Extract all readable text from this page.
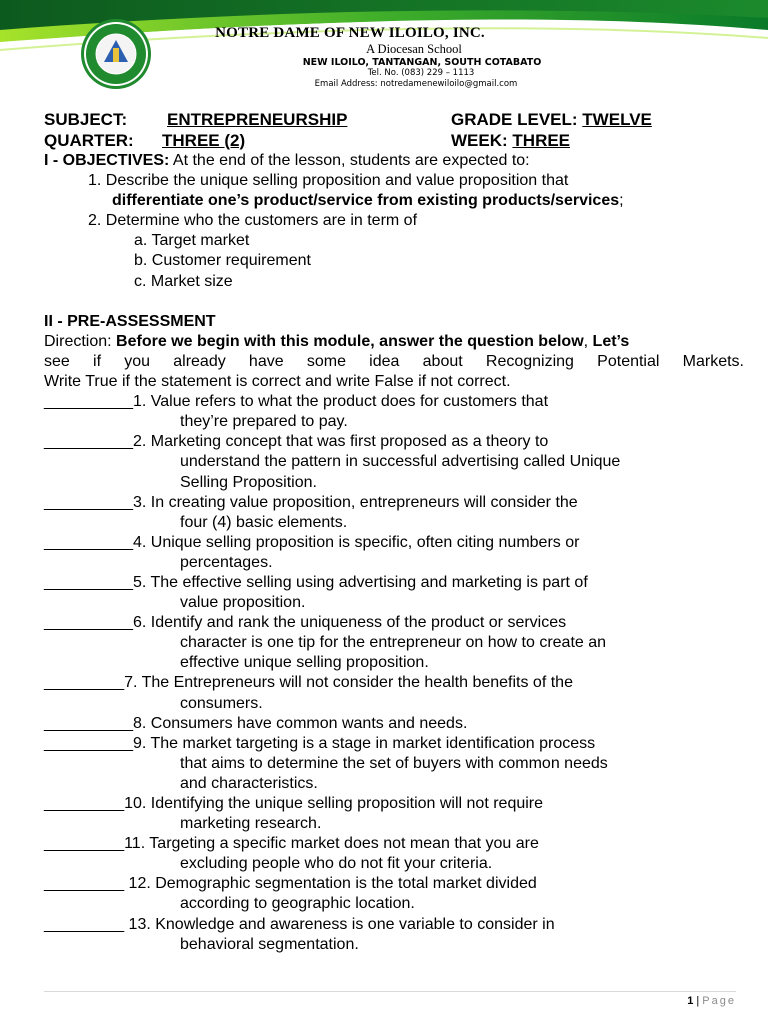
NOTRE DAME OF NEW ILOILO, INC.
A Diocesan School
NEW ILOILO, TANTANGAN, SOUTH COTABATO
Tel. No. (083) 229 – 1113
Email Address: notredamenewiloilo@gmail.com
SUBJECT: ENTREPRENEURSHIP	GRADE LEVEL: TWELVE
QUARTER: THREE (2)	WEEK: THREE
I - OBJECTIVES: At the end of the lesson, students are expected to:
1. Describe the unique selling proposition and value proposition that
differentiate one’s product/service from existing products/services;
2. Determine who the customers are in term of
a. Target market
b. Customer requirement
c. Market size
II - PRE-ASSESSMENT
Direction: Before we begin with this module, answer the question below, Let’s
see if you already have some idea about Recognizing Potential Markets.
Write True if the statement is correct and write False if not correct.
__________1. Value refers to what the product does for customers that
they’re prepared to pay.
__________2. Marketing concept that was first proposed as a theory to
understand the pattern in successful advertising called Unique
Selling Proposition.
__________3. In creating value proposition, entrepreneurs will consider the
four (4) basic elements.
__________4. Unique selling proposition is specific, often citing numbers or
percentages.
__________5. The effective selling using advertising and marketing is part of
value proposition.
__________6. Identify and rank the uniqueness of the product or services
character is one tip for the entrepreneur on how to create an
effective unique selling proposition.
_________7. The Entrepreneurs will not consider the health benefits of the
consumers.
__________8. Consumers have common wants and needs.
__________9. The market targeting is a stage in market identification process
that aims to determine the set of buyers with common needs
and characteristics.
_________10. Identifying the unique selling proposition will not require
marketing research.
_________11. Targeting a specific market does not mean that you are
excluding people who do not fit your criteria.
_________ 12. Demographic segmentation is the total market divided
according to geographic location.
_________ 13. Knowledge and awareness is one variable to consider in
behavioral segmentation.
1 | Page
